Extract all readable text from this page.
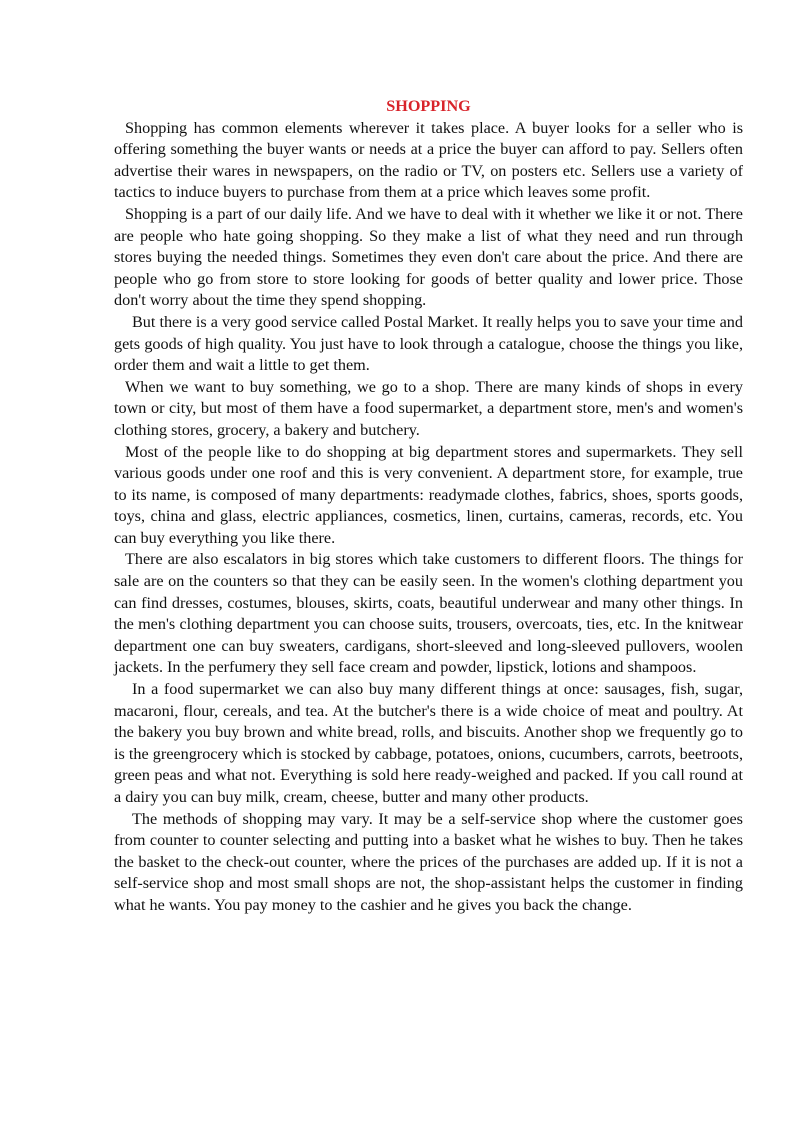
SHOPPING

Shopping has common elements wherever it takes place. A buyer looks for a seller who is offering something the buyer wants or needs at a price the buyer can afford to pay. Sellers often advertise their wares in newspapers, on the radio or TV, on posters etc. Sellers use a variety of tactics to induce buyers to purchase from them at a price which leaves some profit.

Shopping is a part of our daily life. And we have to deal with it whether we like it or not. There are people who hate going shopping. So they make a list of what they need and run through stores buying the needed things. Sometimes they even don't care about the price. And there are people who go from store to store looking for goods of better quality and lower price. Those don't worry about the time they spend shopping.

But there is a very good service called Postal Market. It really helps you to save your time and gets goods of high quality. You just have to look through a catalogue, choose the things you like, order them and wait a little to get them.

When we want to buy something, we go to a shop. There are many kinds of shops in every town or city, but most of them have a food supermarket, a department store, men's and women's clothing stores, grocery, a bakery and butchery.

Most of the people like to do shopping at big department stores and supermarkets. They sell various goods under one roof and this is very convenient. A department store, for example, true to its name, is composed of many departments: readymade clothes, fabrics, shoes, sports goods, toys, china and glass, electric appliances, cosmetics, linen, curtains, cameras, records, etc. You can buy everything you like there.

There are also escalators in big stores which take customers to different floors. The things for sale are on the counters so that they can be easily seen. In the women's clothing department you can find dresses, costumes, blouses, skirts, coats, beautiful underwear and many other things. In the men's clothing department you can choose suits, trousers, overcoats, ties, etc. In the knitwear department one can buy sweaters, cardigans, short-sleeved and long-sleeved pullovers, woolen jackets. In the perfumery they sell face cream and powder, lipstick, lotions and shampoos.

In a food supermarket we can also buy many different things at once: sausages, fish, sugar, macaroni, flour, cereals, and tea. At the butcher's there is a wide choice of meat and poultry. At the bakery you buy brown and white bread, rolls, and biscuits. Another shop we frequently go to is the greengrocery which is stocked by cabbage, potatoes, onions, cucumbers, carrots, beetroots, green peas and what not. Everything is sold here ready-weighed and packed. If you call round at a dairy you can buy milk, cream, cheese, butter and many other products.

The methods of shopping may vary. It may be a self-service shop where the customer goes from counter to counter selecting and putting into a basket what he wishes to buy. Then he takes the basket to the check-out counter, where the prices of the purchases are added up. If it is not a self-service shop and most small shops are not, the shop-assistant helps the customer in finding what he wants. You pay money to the cashier and he gives you back the change.
